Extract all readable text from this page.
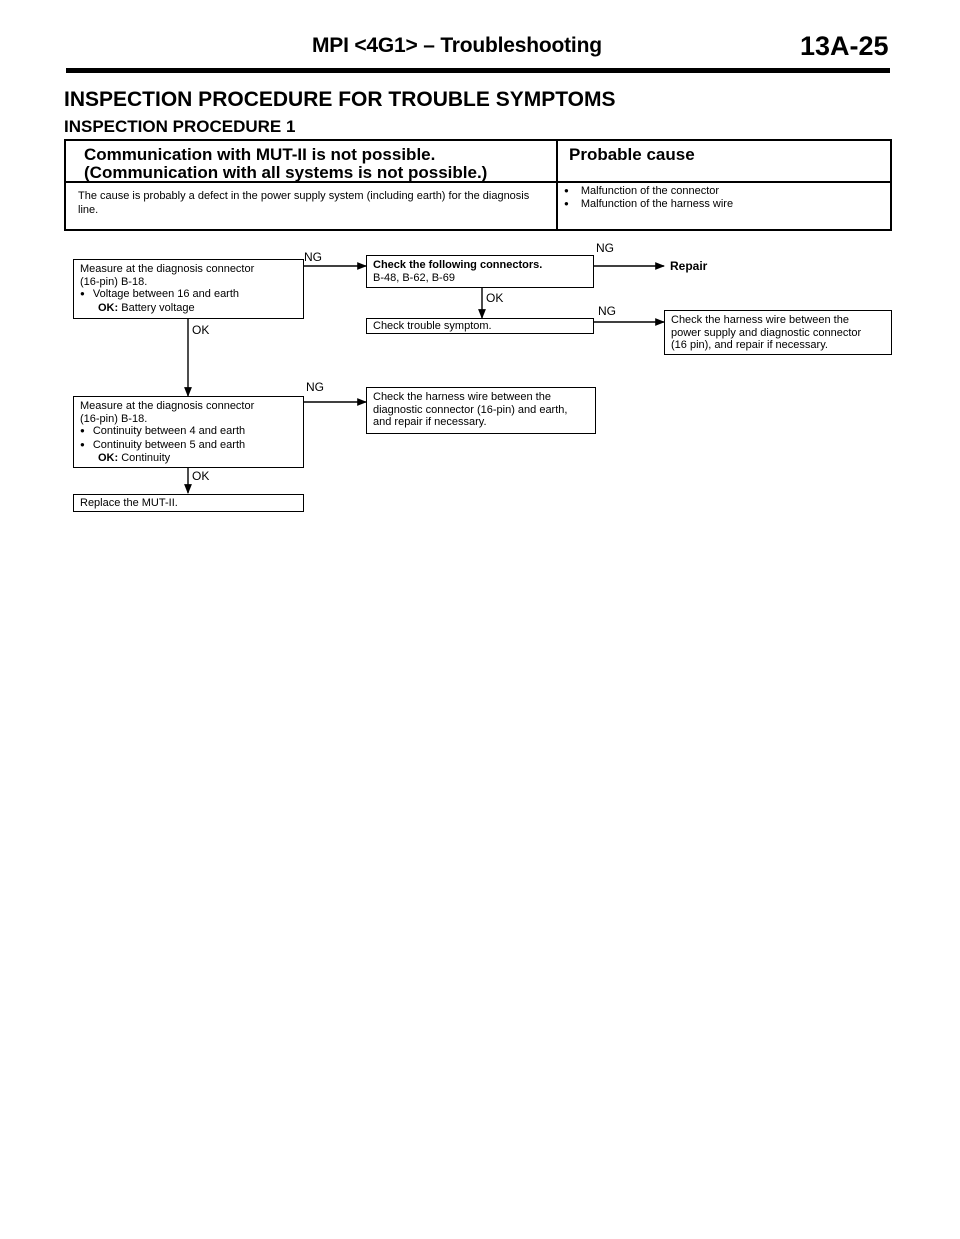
MPI <4G1> – Troubleshooting	13A-25
INSPECTION PROCEDURE FOR TROUBLE SYMPTOMS
INSPECTION PROCEDURE 1
Communication with MUT-II is not possible.
(Communication with all systems is not possible.)
Probable cause
The cause is probably a defect in the power supply system (including earth) for the diagnosis line.
● Malfunction of the connector
● Malfunction of the harness wire
Measure at the diagnosis connector
(16-pin) B-18.
● Voltage between 16 and earth
OK: Battery voltage
Check the following connectors.
B-48, B-62, B-69
Repair
Check trouble symptom.	Check the harness wire between the
power supply and diagnostic connector
(16 pin), and repair if necessary.
Measure at the diagnosis connector
(16-pin) B-18.
● Continuity between 4 and earth
● Continuity between 5 and earth
OK: Continuity
Check the harness wire between the
diagnostic connector (16-pin) and earth,
and repair if necessary.
Replace the MUT-II.
NG
NG
OK
NG
OK
NG
OK
